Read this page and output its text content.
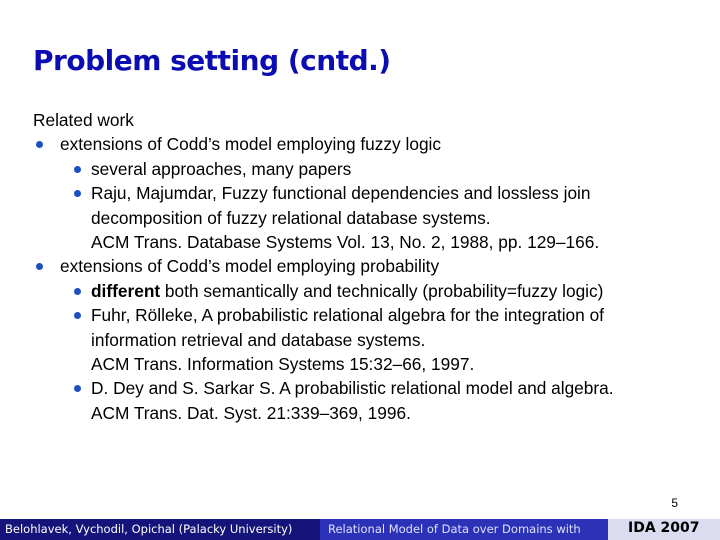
Problem setting (cntd.)
Related work
extensions of Codd’s model employing fuzzy logic
several approaches, many papers
Raju, Majumdar, Fuzzy functional dependencies and lossless join
decomposition of fuzzy relational database systems.
ACM Trans. Database Systems Vol. 13, No. 2, 1988, pp. 129–166.
extensions of Codd’s model employing probability
different both semantically and technically (probability=fuzzy logic)
Fuhr, Rölleke, A probabilistic relational algebra for the integration of
information retrieval and database systems.
ACM Trans. Information Systems 15:32–66, 1997.
D. Dey and S. Sarkar S. A probabilistic relational model and algebra.
ACM Trans. Dat. Syst. 21:339–369, 1996.
5
Belohlavek, Vychodil, Opichal (Palacky University)	Relational Model of Data over Domains with	IDA 2007
